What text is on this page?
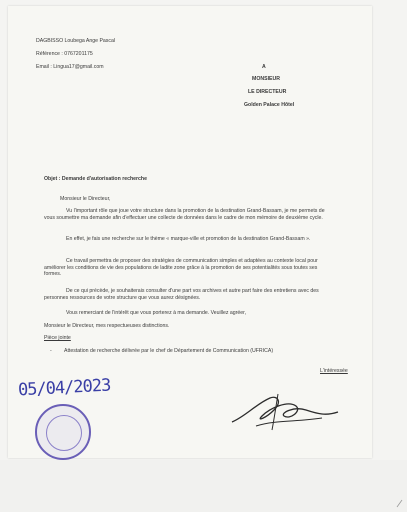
DAGBISSO Loubega Ange Pascal
Référence : 0767201175
Email : Lingua17@gmail.com	A
MONSIEUR
LE DIRECTEUR
Golden Palace Hôtel
Objet : Demande d'autorisation recherche
Monsieur le Directeur,
Vu l'important rôle que joue votre structure dans la promotion de la destination Grand-Bassam, je me permets de vous soumettre ma demande afin d'effectuer une collecte de données dans le cadre de mon mémoire de deuxième cycle.
En effet, je fais une recherche sur le thème « marque-ville et promotion de la destination Grand-Bassam ».
Ce travail permettra de proposer des stratégies de communication simples et adaptées au contexte local pour améliorer les conditions de vie des populations de ladite zone grâce à la promotion de ses potentialités sous toutes ses formes.
De ce qui précède, je souhaiterais consulter d'une part vos archives et autre part faire des entretiens avec des personnes ressources de votre structure que vous aurez désignées.
Vous remerciant de l'intérêt que vous porterez à ma demande. Veuillez agréer,
Monsieur le Directeur, mes respectueuses distinctions.
Pièce jointe
- Attestation de recherche délivrée par le chef de Département de Communication (UFRICA)
L'intéressée
05/04/2023
